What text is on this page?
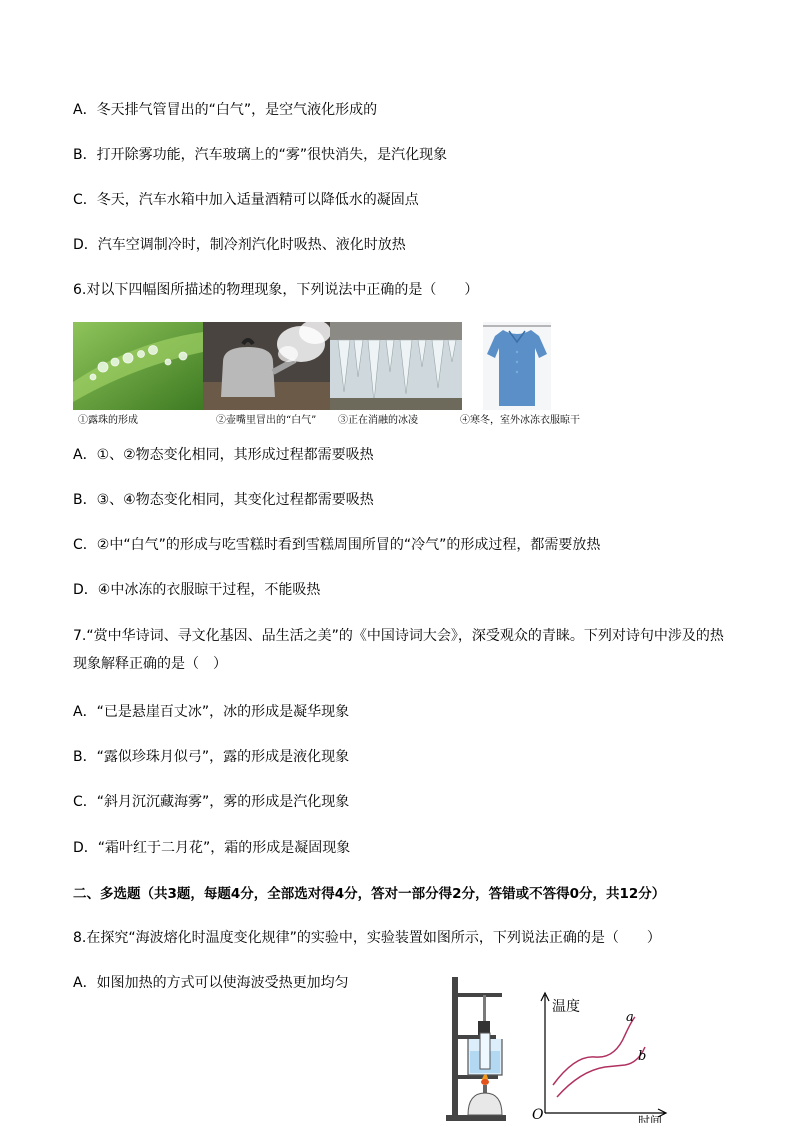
A．冬天排气管冒出的“白气”，是空气液化形成的
B．打开除雾功能，汽车玻璃上的“雾”很快消失，是汽化现象
C．冬天，汽车水箱中加入适量酒精可以降低水的凝固点
D．汽车空调制冷时，制冷剂汽化时吸热、液化时放热
6.对以下四幅图所描述的物理现象，下列说法中正确的是（　　）
①露珠的形成	②壶嘴里冒出的“白气” ③正在消融的冰凌	④寒冬，室外冰冻衣服晾干
A．①、②物态变化相同，其形成过程都需要吸热
B．③、④物态变化相同，其变化过程都需要吸热
C．②中“白气”的形成与吃雪糕时看到雪糕周围所冒的“冷气”的形成过程，都需要放热
D．④中冰冻的衣服晾干过程，不能吸热
7.“赏中华诗词、寻文化基因、品生活之美”的《中国诗词大会》，深受观众的青睐。下列对诗句中涉及的热现象解释正确的是（　）
A．“已是悬崖百丈冰”，冰的形成是凝华现象
B．“露似珍珠月似弓”，露的形成是液化现象
C．“斜月沉沉藏海雾”，雾的形成是汽化现象
D．“霜叶红于二月花”，霜的形成是凝固现象
二、多选题（共3题，每题4分，全部选对得4分，答对一部分得2分，答错或不答得0分，共12分）
8.在探究“海波熔化时温度变化规律”的实验中，实验装置如图所示，下列说法正确的是（　　）
A．如图加热的方式可以使海波受热更加均匀
温度
时间
O
a
b
